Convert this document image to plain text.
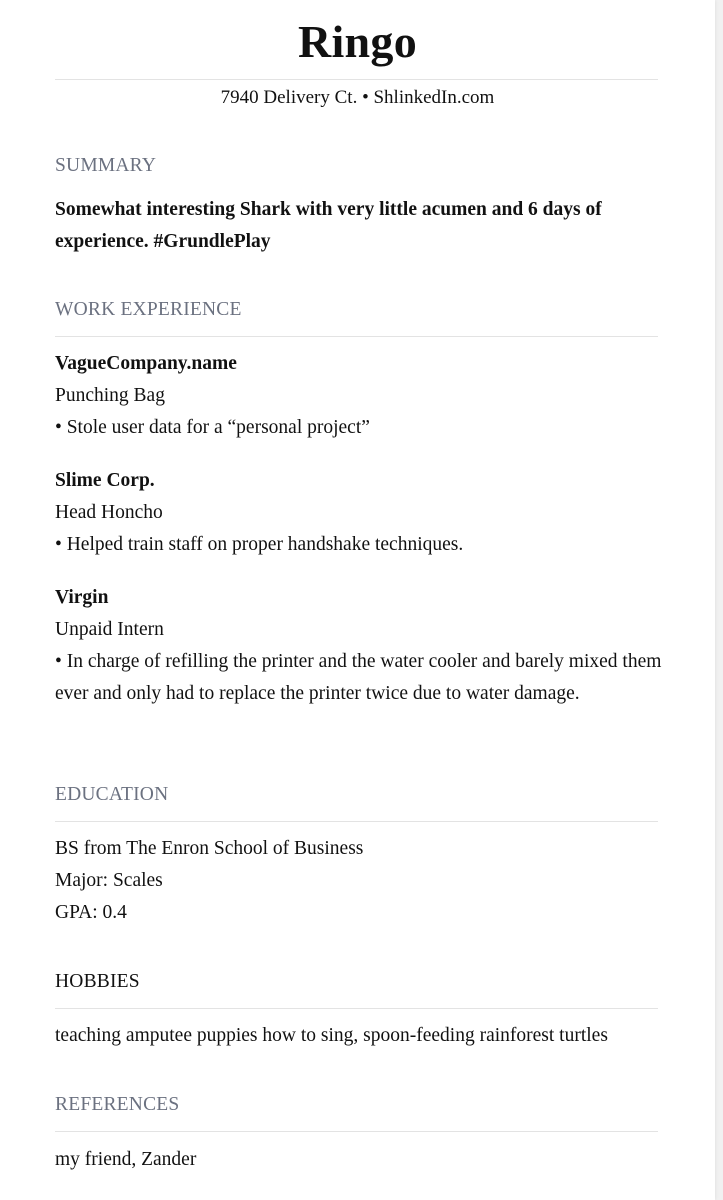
Ringo
7940 Delivery Ct. • ShlinkedIn.com
SUMMARY
Somewhat interesting Shark with very little acumen and 6 days of experience. #GrundlePlay
WORK EXPERIENCE
VagueCompany.name
Punching Bag
• Stole user data for a “personal project”
Slime Corp.
Head Honcho
• Helped train staff on proper handshake techniques.
Virgin
Unpaid Intern
• In charge of refilling the printer and the water cooler and barely mixed them ever and only had to replace the printer twice due to water damage.
EDUCATION
BS from The Enron School of Business
Major: Scales
GPA: 0.4
HOBBIES
teaching amputee puppies how to sing, spoon-feeding rainforest turtles
REFERENCES
my friend, Zander
